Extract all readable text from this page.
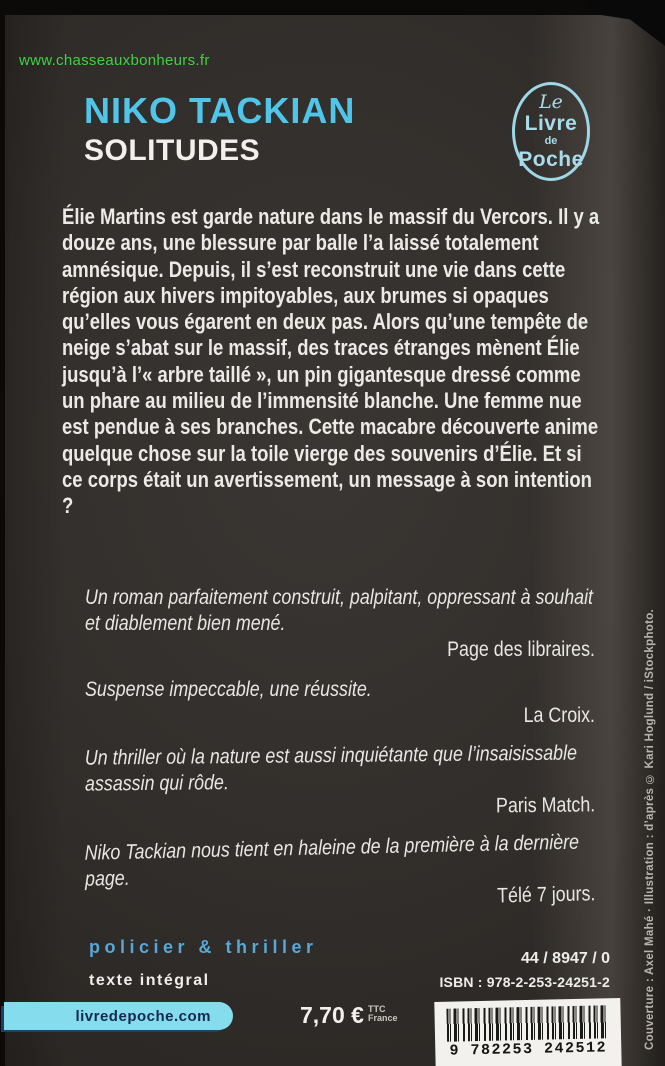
www.chasseauxbonheurs.fr
NIKO TACKIAN
SOLITUDES
Le
Livre
de
Poche
Élie Martins est garde nature dans le massif du Vercors. Il y a douze ans, une blessure par balle l’a laissé totalement amnésique. Depuis, il s’est reconstruit une vie dans cette région aux hivers impitoyables, aux brumes si opaques qu’elles vous égarent en deux pas. Alors qu’une tempête de neige s’abat sur le massif, des traces étranges mènent Élie jusqu’à l’« arbre taillé », un pin gigantesque dressé comme un phare au milieu de l’immensité blanche. Une femme nue est pendue à ses branches. Cette macabre découverte anime quelque chose sur la toile vierge des souvenirs d’Élie. Et si ce corps était un avertissement, un message à son intention ?
Un roman parfaitement construit, palpitant, oppressant à souhait et diablement bien mené.
Page des libraires.
Suspense impeccable, une réussite.
La Croix.
Un thriller où la nature est aussi inquiétante que l’insaisissable assassin qui rôde.
Paris Match.
Niko Tackian nous tient en haleine de la première à la dernière page.
Télé 7 jours.
policier & thriller
texte intégral
livredepoche.com	7,70 € TTC
France
44 / 8947 / 0
ISBN : 978-2-253-24251-2
9 782253 242512	Couverture : Axel Mahé · Illustration : d’après © Kari Hoglund / iStockphoto.
